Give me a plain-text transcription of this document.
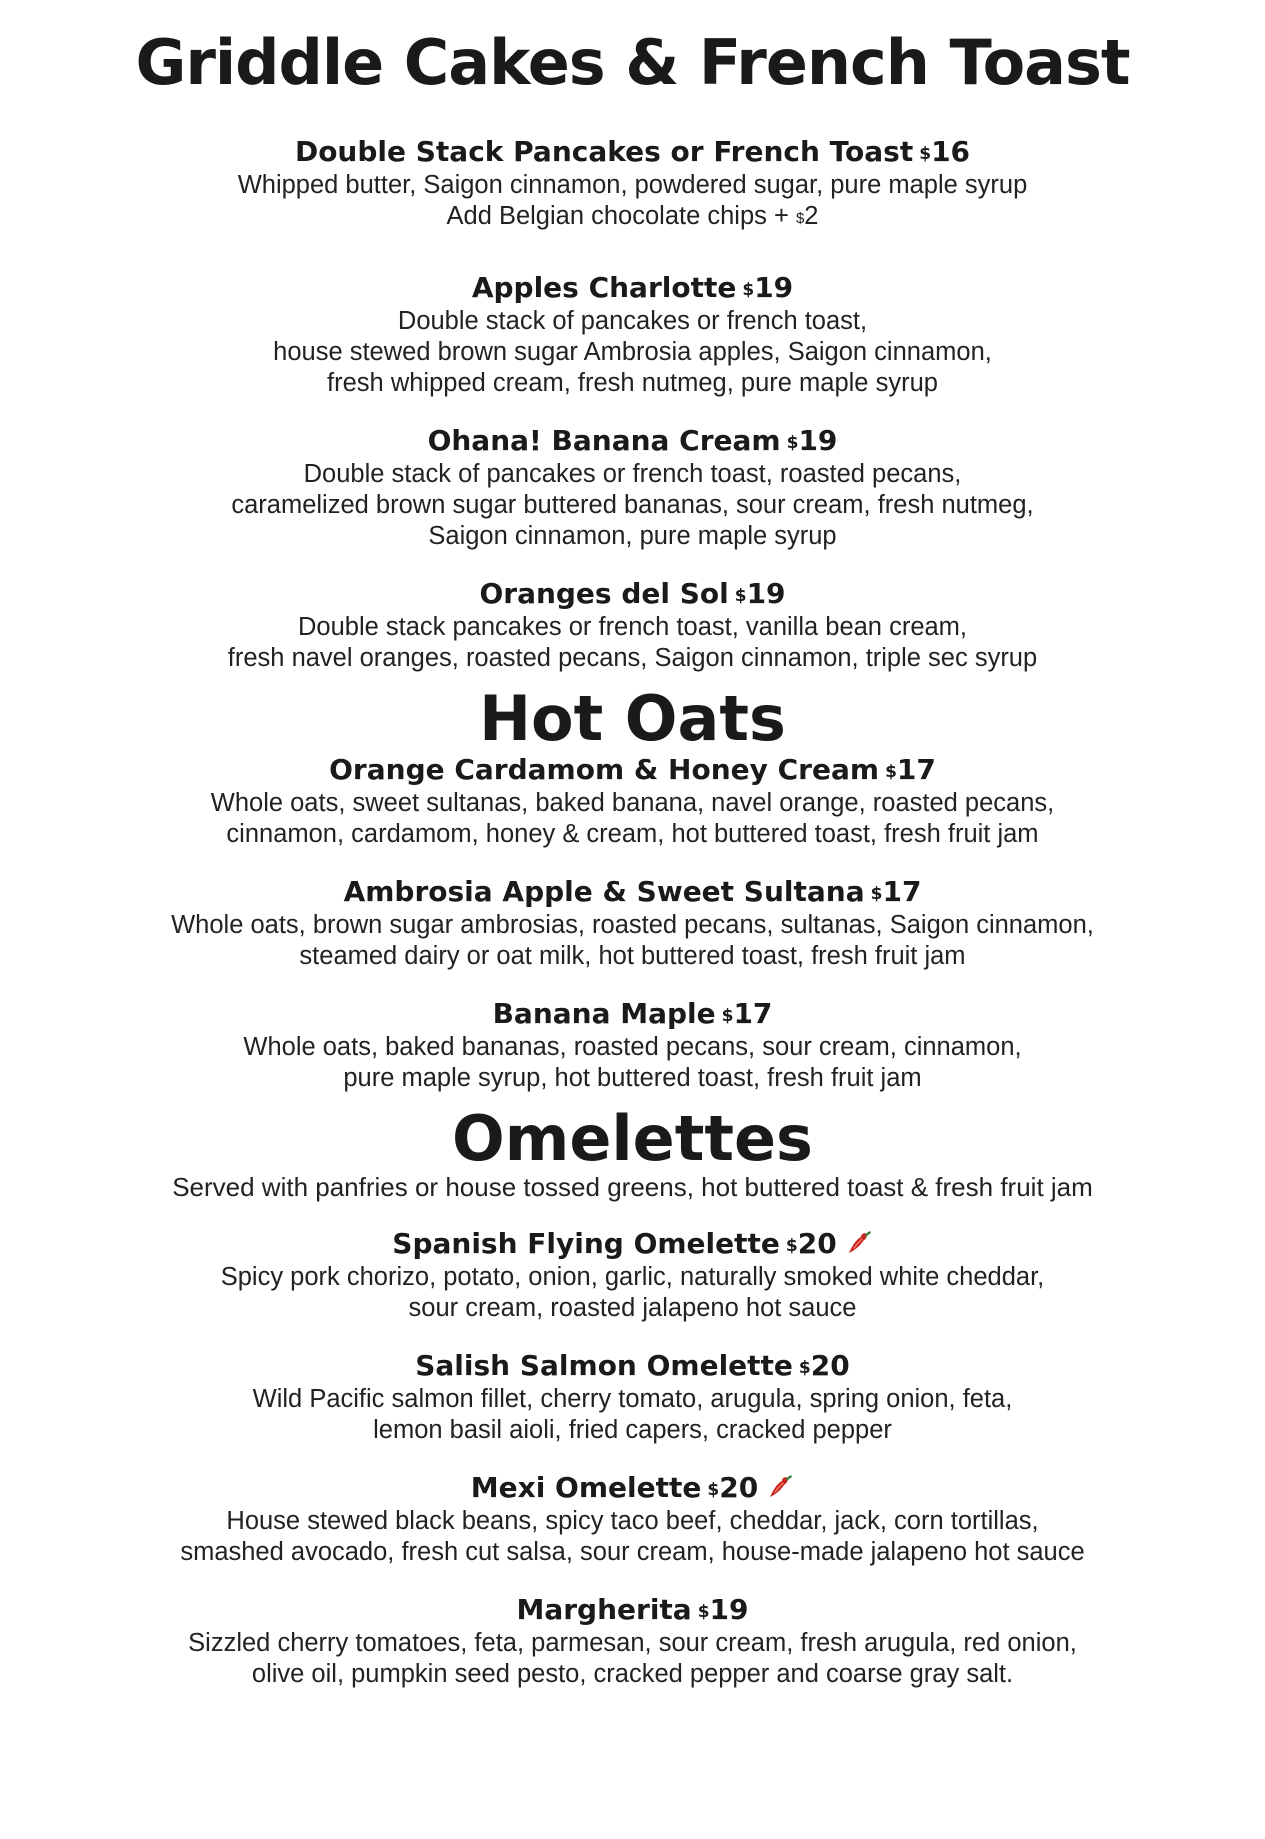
Griddle Cakes & French Toast
Double Stack Pancakes or French Toast $16
Whipped butter, Saigon cinnamon, powdered sugar, pure maple syrup
Add Belgian chocolate chips + $2
Apples Charlotte $19
Double stack of pancakes or french toast,
house stewed brown sugar Ambrosia apples, Saigon cinnamon,
fresh whipped cream, fresh nutmeg, pure maple syrup
Ohana! Banana Cream $19
Double stack of pancakes or french toast, roasted pecans,
caramelized brown sugar buttered bananas, sour cream, fresh nutmeg,
Saigon cinnamon, pure maple syrup
Oranges del Sol $19
Double stack pancakes or french toast, vanilla bean cream,
fresh navel oranges, roasted pecans, Saigon cinnamon, triple sec syrup
Hot Oats
Orange Cardamom & Honey Cream $17
Whole oats, sweet sultanas, baked banana, navel orange, roasted pecans,
cinnamon, cardamom, honey & cream, hot buttered toast, fresh fruit jam
Ambrosia Apple & Sweet Sultana $17
Whole oats, brown sugar ambrosias, roasted pecans, sultanas, Saigon cinnamon,
steamed dairy or oat milk, hot buttered toast, fresh fruit jam
Banana Maple $17
Whole oats, baked bananas, roasted pecans, sour cream, cinnamon,
pure maple syrup, hot buttered toast, fresh fruit jam
Omelettes

Served with panfries or house tossed greens, hot buttered toast & fresh fruit jam

Spanish Flying Omelette $20
Spicy pork chorizo, potato, onion, garlic, naturally smoked white cheddar,
sour cream, roasted jalapeno hot sauce
Salish Salmon Omelette $20
Wild Pacific salmon fillet, cherry tomato, arugula, spring onion, feta,
lemon basil aioli, fried capers, cracked pepper
Mexi Omelette $20
House stewed black beans, spicy taco beef, cheddar, jack, corn tortillas,
smashed avocado, fresh cut salsa, sour cream, house-made jalapeno hot sauce
Margherita $19
Sizzled cherry tomatoes, feta, parmesan, sour cream, fresh arugula, red onion,
olive oil, pumpkin seed pesto, cracked pepper and coarse gray salt.
